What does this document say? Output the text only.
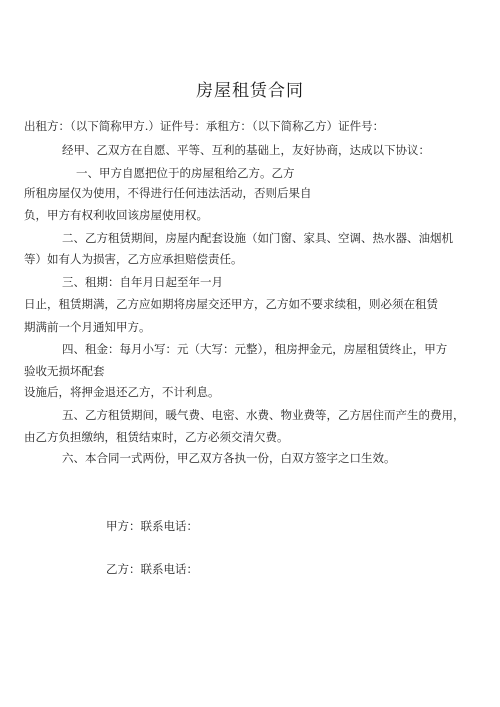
房屋租赁合同
出租方：（以下简称甲方.）证件号：承租方：（以下简称乙方）证件号：
经甲、乙双方在自愿、平等、互利的基础上，友好协商，达成以下协议：
一、甲方自愿把位于的房屋租给乙方。乙方
所租房屋仅为使用，不得进行任何违法活动，否则后果自
负，甲方有权利收回该房屋使用权。
二、乙方租赁期间，房屋内配套设施（如门窗、家具、空调、热水器、油烟机
等）如有人为损害，乙方应承担赔偿责任。
三、租期：自年月日起至年一月
日止，租赁期满，乙方应如期将房屋交还甲方，乙方如不要求续租，则必须在租赁
期满前一个月通知甲方。
四、租金：每月小写：元（大写：元整），租房押金元，房屋租赁终止，甲方
验收无损坏配套
设施后，将押金退还乙方，不计利息。
五、乙方租赁期间，暖气费、电密、水费、物业费等，乙方居住而产生的费用，
由乙方负担缴纳，租赁结束时，乙方必须交清欠费。
六、本合同一式两份，甲乙双方各执一份，白双方签字之口生效。
甲方：联系电话：
乙方：联系电话：
